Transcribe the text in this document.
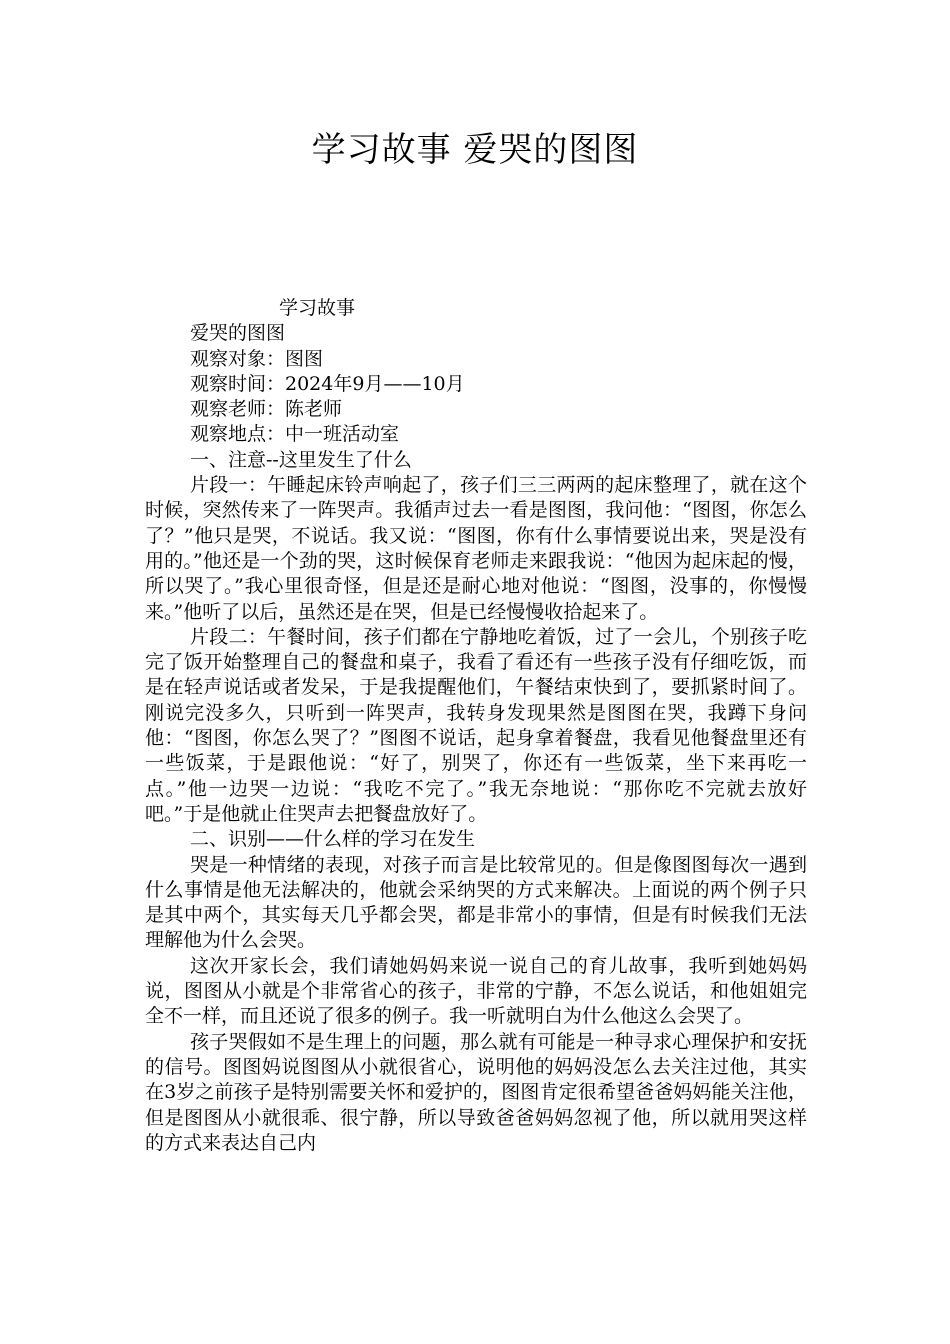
学习故事 爱哭的图图

学习故事

爱哭的图图

观察对象：图图

观察时间：2024年9月——10月

观察老师：陈老师

观察地点：中一班活动室

一、注意--这里发生了什么

片段一：午睡起床铃声响起了，孩子们三三两两的起床整理了，就在这个时候，突然传来了一阵哭声。我循声过去一看是图图，我问他：“图图，你怎么了？”他只是哭，不说话。我又说：“图图，你有什么事情要说出来，哭是没有用的。”他还是一个劲的哭，这时候保育老师走来跟我说：“他因为起床起的慢，所以哭了。”我心里很奇怪，但是还是耐心地对他说：“图图，没事的，你慢慢来。”他听了以后，虽然还是在哭，但是已经慢慢收拾起来了。

片段二：午餐时间，孩子们都在宁静地吃着饭，过了一会儿，个别孩子吃完了饭开始整理自己的餐盘和桌子，我看了看还有一些孩子没有仔细吃饭，而是在轻声说话或者发呆，于是我提醒他们，午餐结束快到了，要抓紧时间了。刚说完没多久，只听到一阵哭声，我转身发现果然是图图在哭，我蹲下身问他：“图图，你怎么哭了？”图图不说话，起身拿着餐盘，我看见他餐盘里还有一些饭菜，于是跟他说：“好了，别哭了，你还有一些饭菜，坐下来再吃一点。”他一边哭一边说：“我吃不完了。”我无奈地说：“那你吃不完就去放好吧。”于是他就止住哭声去把餐盘放好了。

二、识别——什么样的学习在发生

哭是一种情绪的表现，对孩子而言是比较常见的。但是像图图每次一遇到什么事情是他无法解决的，他就会采纳哭的方式来解决。上面说的两个例子只是其中两个，其实每天几乎都会哭，都是非常小的事情，但是有时候我们无法理解他为什么会哭。

这次开家长会，我们请她妈妈来说一说自己的育儿故事，我听到她妈妈说，图图从小就是个非常省心的孩子，非常的宁静，不怎么说话，和他姐姐完全不一样，而且还说了很多的例子。我一听就明白为什么他这么会哭了。

孩子哭假如不是生理上的问题，那么就有可能是一种寻求心理保护和安抚的信号。图图妈说图图从小就很省心，说明他的妈妈没怎么去关注过他，其实在3岁之前孩子是特别需要关怀和爱护的，图图肯定很希望爸爸妈妈能关注他，但是图图从小就很乖、很宁静，所以导致爸爸妈妈忽视了他，所以就用哭这样的方式来表达自己内
